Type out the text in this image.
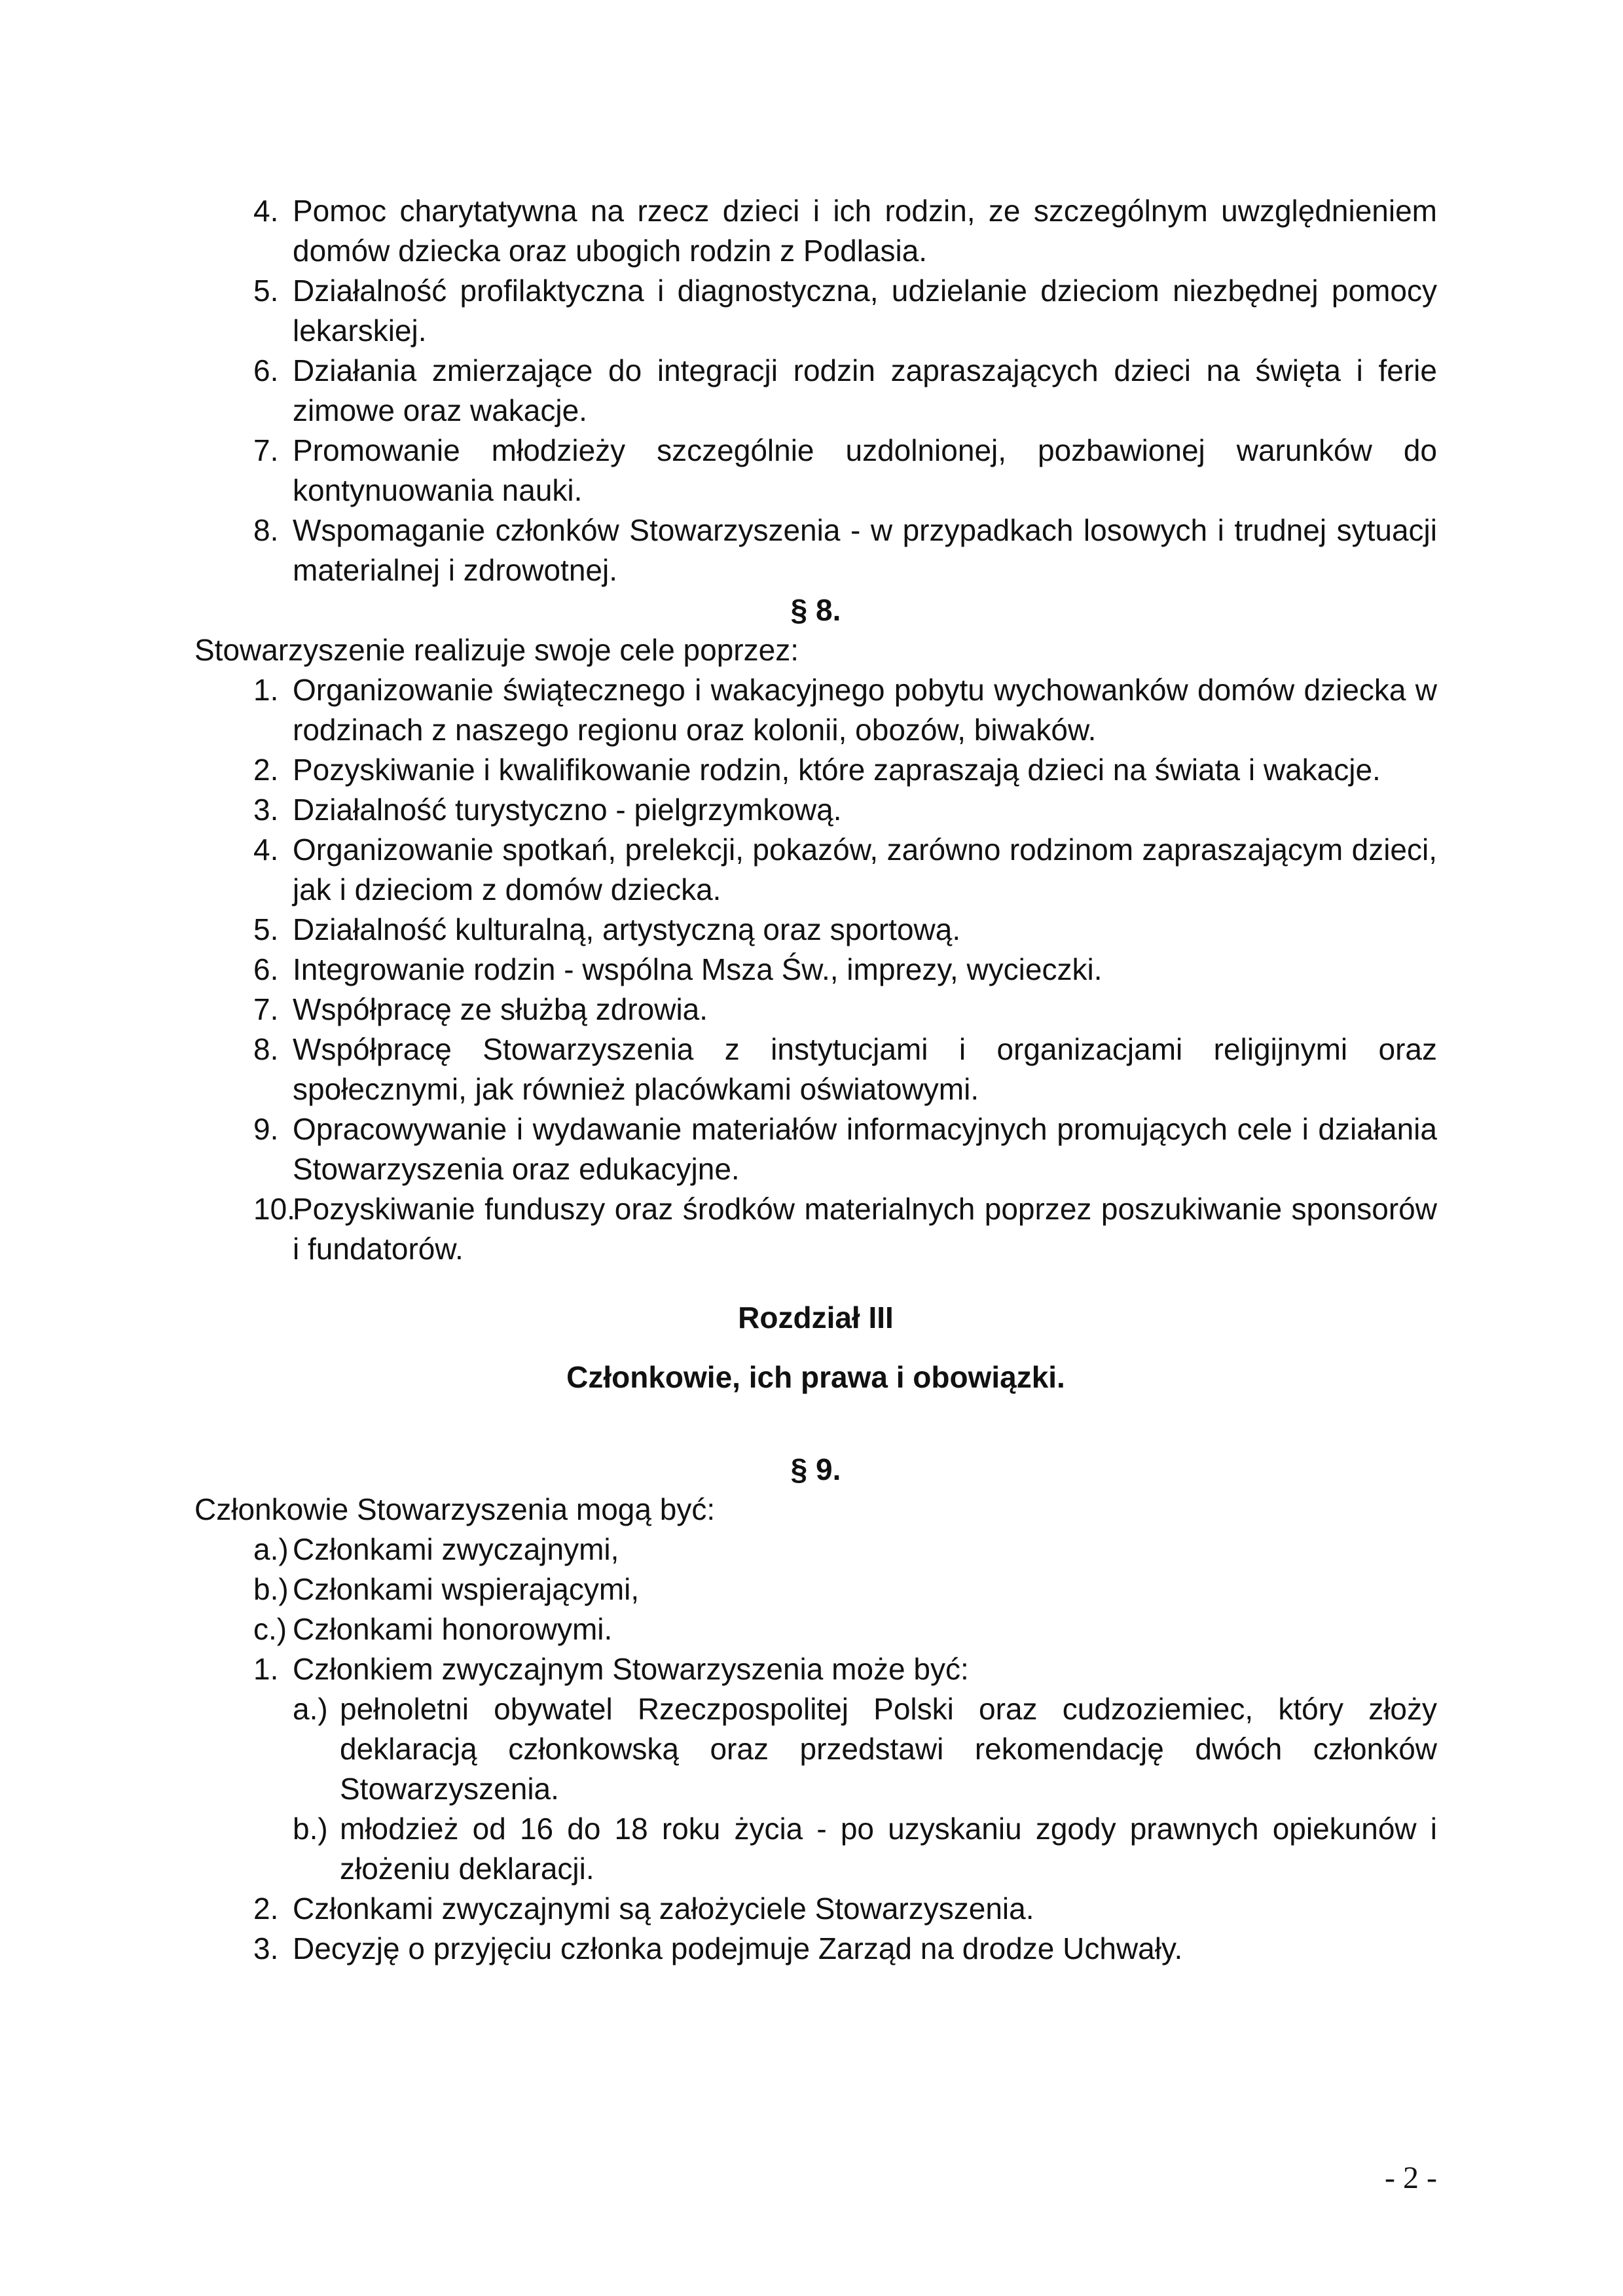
4. Pomoc charytatywna na rzecz dzieci i ich rodzin, ze szczególnym uwzględnieniem domów dziecka oraz ubogich rodzin z Podlasia.
5. Działalność profilaktyczna i diagnostyczna, udzielanie dzieciom niezbędnej pomocy lekarskiej.
6. Działania zmierzające do integracji rodzin zapraszających dzieci na święta i ferie zimowe oraz wakacje.
7. Promowanie młodzieży szczególnie uzdolnionej, pozbawionej warunków do kontynuowania nauki.
8. Wspomaganie członków Stowarzyszenia - w przypadkach losowych i trudnej sytuacji materialnej i zdrowotnej.
§ 8.
Stowarzyszenie realizuje swoje cele poprzez:
1. Organizowanie świątecznego i wakacyjnego pobytu wychowanków domów dziecka w rodzinach z naszego regionu oraz kolonii, obozów, biwaków.
2. Pozyskiwanie i kwalifikowanie rodzin, które zapraszają dzieci na świata i wakacje.
3. Działalność turystyczno - pielgrzymkową.
4. Organizowanie spotkań, prelekcji, pokazów, zarówno rodzinom zapraszającym dzieci, jak i dzieciom z domów dziecka.
5. Działalność kulturalną, artystyczną oraz sportową.
6. Integrowanie rodzin - wspólna Msza Św., imprezy, wycieczki.
7. Współpracę ze służbą zdrowia.
8. Współpracę Stowarzyszenia z instytucjami i organizacjami religijnymi oraz społecznymi, jak również placówkami oświatowymi.
9. Opracowywanie i wydawanie materiałów informacyjnych promujących cele i działania Stowarzyszenia oraz edukacyjne.
10.
Pozyskiwanie funduszy oraz środków materialnych poprzez poszukiwanie sponsorów i fundatorów.
Rozdział III
Członkowie, ich prawa i obowiązki.
§ 9.
Członkowie Stowarzyszenia mogą być:
a.) Członkami zwyczajnymi,
b.) Członkami wspierającymi,
c.) Członkami honorowymi.
1. Członkiem zwyczajnym Stowarzyszenia może być:
a.) pełnoletni obywatel Rzeczpospolitej Polski oraz cudzoziemiec, który złoży deklaracją członkowską oraz przedstawi rekomendację dwóch członków Stowarzyszenia.
b.) młodzież od 16 do 18 roku życia - po uzyskaniu zgody prawnych opiekunów i złożeniu deklaracji.
2. Członkami zwyczajnymi są założyciele Stowarzyszenia.
3. Decyzję o przyjęciu członka podejmuje Zarząd na drodze Uchwały.
- 2 -
